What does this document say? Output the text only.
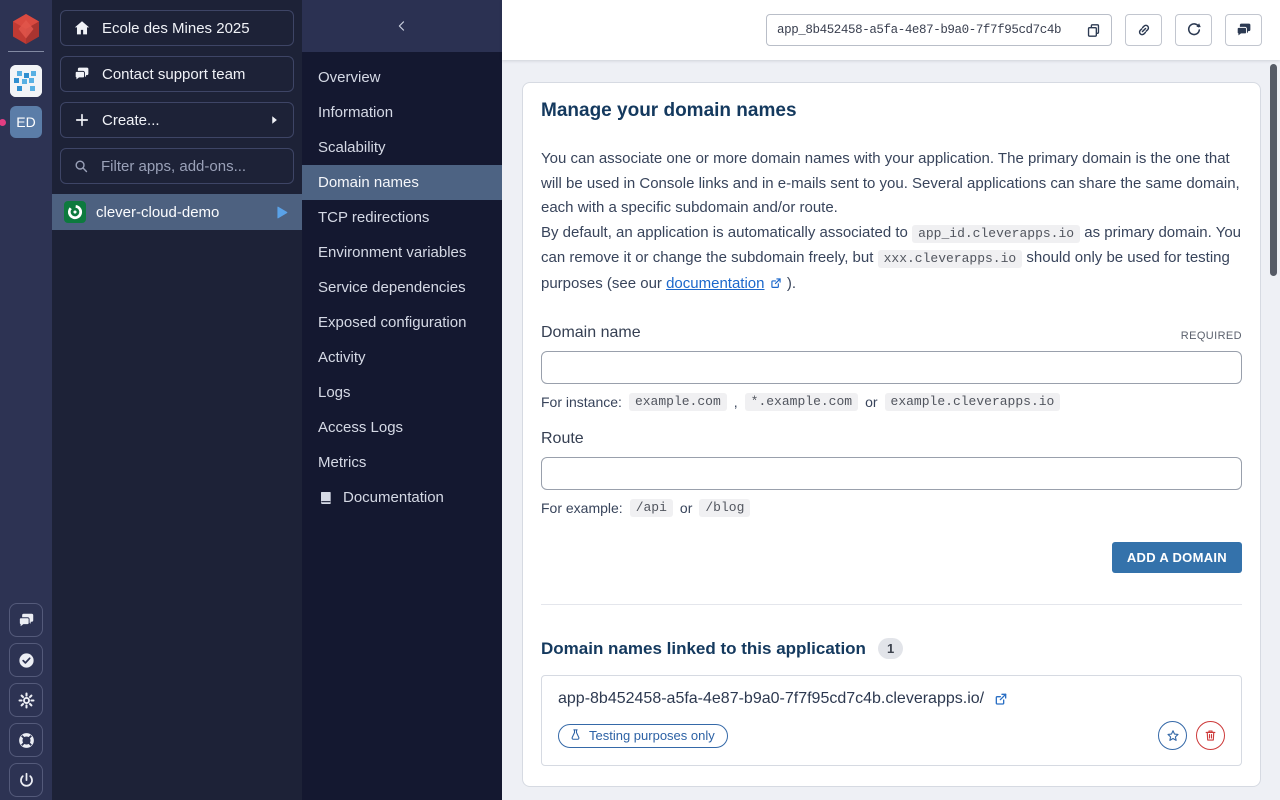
ED
Ecole des Mines 2025
Contact support team
Create...
Filter apps, add-ons...
clever-cloud-demo
Overview
Information
Scalability
Domain names
TCP redirections
Environment variables
Service dependencies
Exposed configuration
Activity
Logs
Access Logs
Metrics
Documentation
app_8b452458-a5fa-4e87-b9a0-7f7f95cd7c4b
Manage your domain names

You can associate one or more domain names with your application. The primary domain is the one that will be used in Console links and in e-mails sent to you. Several applications can share the same domain, each with a specific subdomain and/or route.

By default, an application is automatically associated to app_id.cleverapps.io as primary domain. You can remove it or change the subdomain freely, but xxx.cleverapps.io should only be used for testing purposes (see our documentation ).

Domain name	REQUIRED
For instance:	example.com ,	*.example.com or	example.cleverapps.io
Route
For example:	/api or	/blog
ADD A DOMAIN
Domain names linked to this application	1
app-8b452458-a5fa-4e87-b9a0-7f7f95cd7c4b.cleverapps.io/
Testing purposes only
